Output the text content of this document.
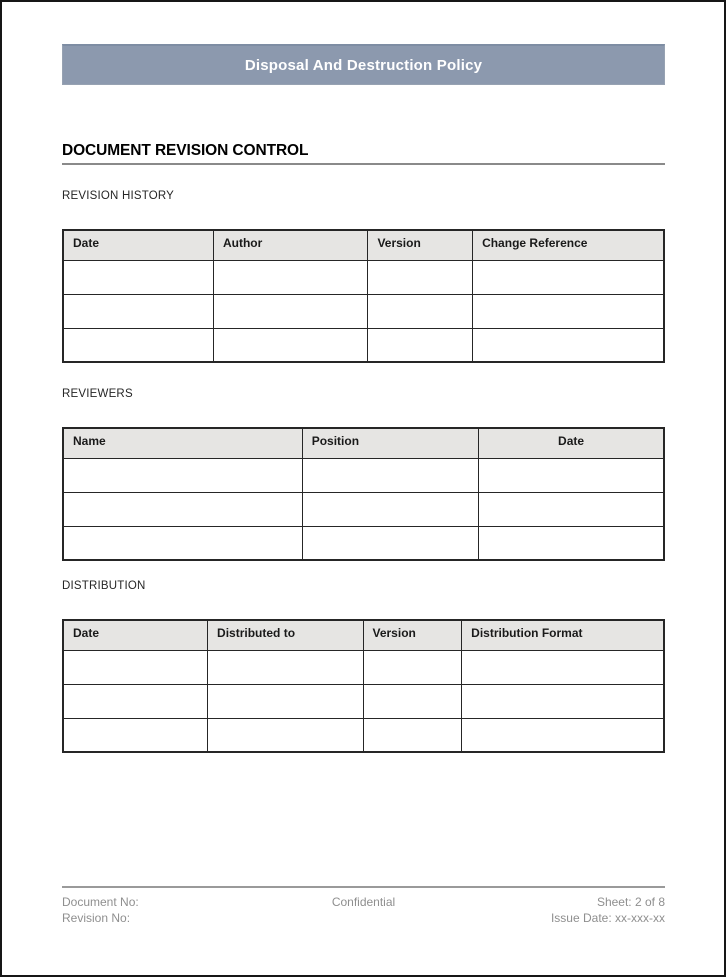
Disposal And Destruction Policy
DOCUMENT REVISION CONTROL
REVISION HISTORY
Date	Author	Version	Change Reference

REVIEWERS
Name	Position	Date

DISTRIBUTION
Date	Distributed to	Version	Distribution Format

Document No:	Confidential	Sheet: 2 of 8
Revision No:	Issue Date: xx-xxx-xx
